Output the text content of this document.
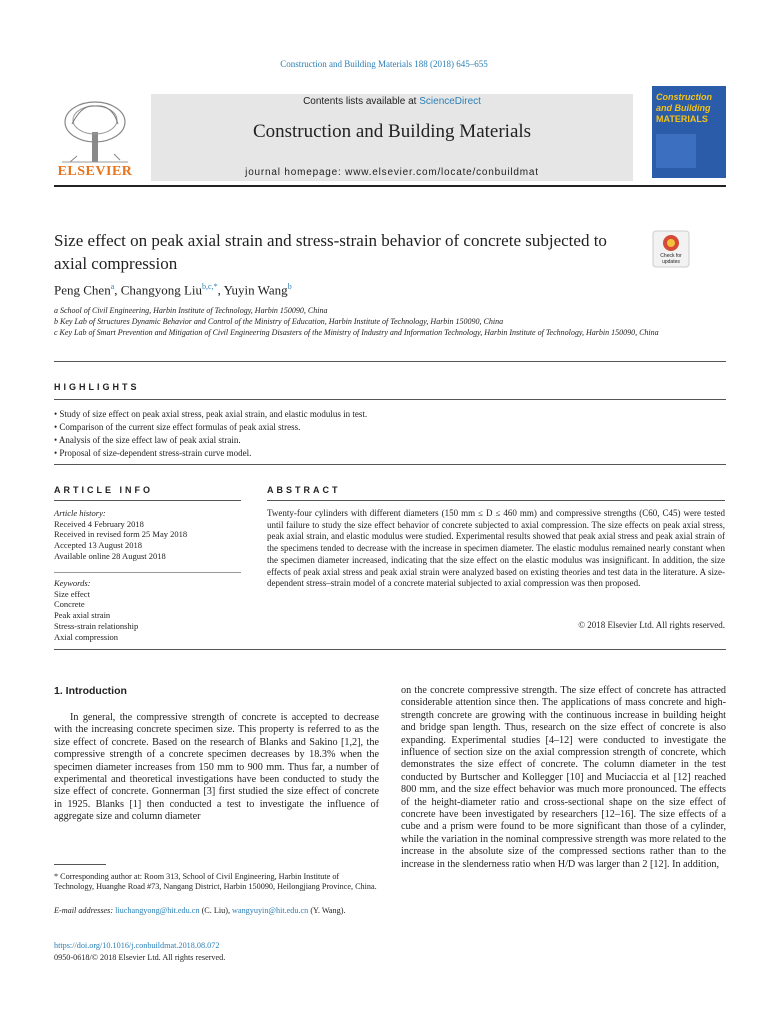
Construction and Building Materials 188 (2018) 645–655
ELSEVIER
Contents lists available at ScienceDirect
Construction and Building Materials
journal homepage: www.elsevier.com/locate/conbuildmat
Construction
and Building
MATERIALS
Size effect on peak axial strain and stress-strain behavior of concrete subjected to axial compression	Check for updates
Peng Chen$^a$, Changyong Liu$^{b,c,*}$, Yuyin Wang$^b$
a School of Civil Engineering, Harbin Institute of Technology, Harbin 150090, China
b Key Lab of Structures Dynamic Behavior and Control of the Ministry of Education, Harbin Institute of Technology, Harbin 150090, China
c Key Lab of Smart Prevention and Mitigation of Civil Engineering Disasters of the Ministry of Industry and Information Technology, Harbin Institute of Technology, Harbin 150090, China
HIGHLIGHTS
• Study of size effect on peak axial stress, peak axial strain, and elastic modulus in test.
• Comparison of the current size effect formulas of peak axial stress.
• Analysis of the size effect law of peak axial strain.
• Proposal of size-dependent stress-strain curve model.
ARTICLE INFO
Article history:
Received 4 February 2018
Received in revised form 25 May 2018
Accepted 13 August 2018
Available online 28 August 2018
Keywords:
Size effect
Concrete
Peak axial strain
Stress-strain relationship
Axial compression
ABSTRACT
Twenty-four cylinders with different diameters (150 mm ≤ D ≤ 460 mm) and compressive strengths (C60, C45) were tested until failure to study the size effect behavior of concrete subjected to axial compression. The size effects on peak axial stress, peak axial strain, and elastic modulus were studied. Experimental results showed that peak axial stress and peak axial strain of the specimens tended to decrease with the increase in specimen diameter. The elastic modulus remained nearly constant when the specimen diameter increased, indicating that the size effect on the elastic modulus was insignificant. In addition, the size effects of peak axial stress and peak axial strain were analyzed based on existing theories and test data in the literature. A size-dependent stress–strain model of a concrete material subjected to axial compression was then proposed.
© 2018 Elsevier Ltd. All rights reserved.
1. Introduction
In general, the compressive strength of concrete is accepted to decrease with the increasing concrete specimen size. This property is referred to as the size effect of concrete. Based on the research of Blanks and Sakino [1,2], the compressive strength of a concrete specimen decreases by 18.3% when the specimen diameter increases from 150 mm to 900 mm. Thus far, a number of experimental and theoretical investigations have been conducted to study the size effect of concrete. Gonnerman [3] first studied the size effect of concrete in 1925. Blanks [1] then conducted a test to investigate the influence of aggregate size and column diameter
on the concrete compressive strength. The size effect of concrete has attracted considerable attention since then. The applications of mass concrete and high-strength concrete are growing with the continuous increase in building height and bridge span length. Thus, research on the size effect of concrete is also expanding. Experimental studies [4–12] were conducted to investigate the influence of section size on the axial compression strength of concrete, which demonstrates the size effect of concrete. The column diameter in the test conducted by Burtscher and Kollegger [10] and Muciaccia et al [12] reached 800 mm, and the size effect behavior was much more pronounced. The effects of the height-diameter ratio and cross-sectional shape on the size effect of concrete have been investigated by researchers [12–16]. The size effects of a cube and a prism were found to be more significant than those of a cylinder, while the variation in the nominal compressive strength was more related to the increase in the absolute size of the compressed sections rather than to the increase in the slenderness ratio when H/D was larger than 2 [12]. In addition,
* Corresponding author at: Room 313, School of Civil Engineering, Harbin Institute of Technology, Huanghe Road #73, Nangang District, Harbin 150090, Heilongjiang Province, China.
E-mail addresses: liuchangyong@hit.edu.cn (C. Liu), wangyuyin@hit.edu.cn (Y. Wang).
https://doi.org/10.1016/j.conbuildmat.2018.08.072
0950-0618/© 2018 Elsevier Ltd. All rights reserved.
